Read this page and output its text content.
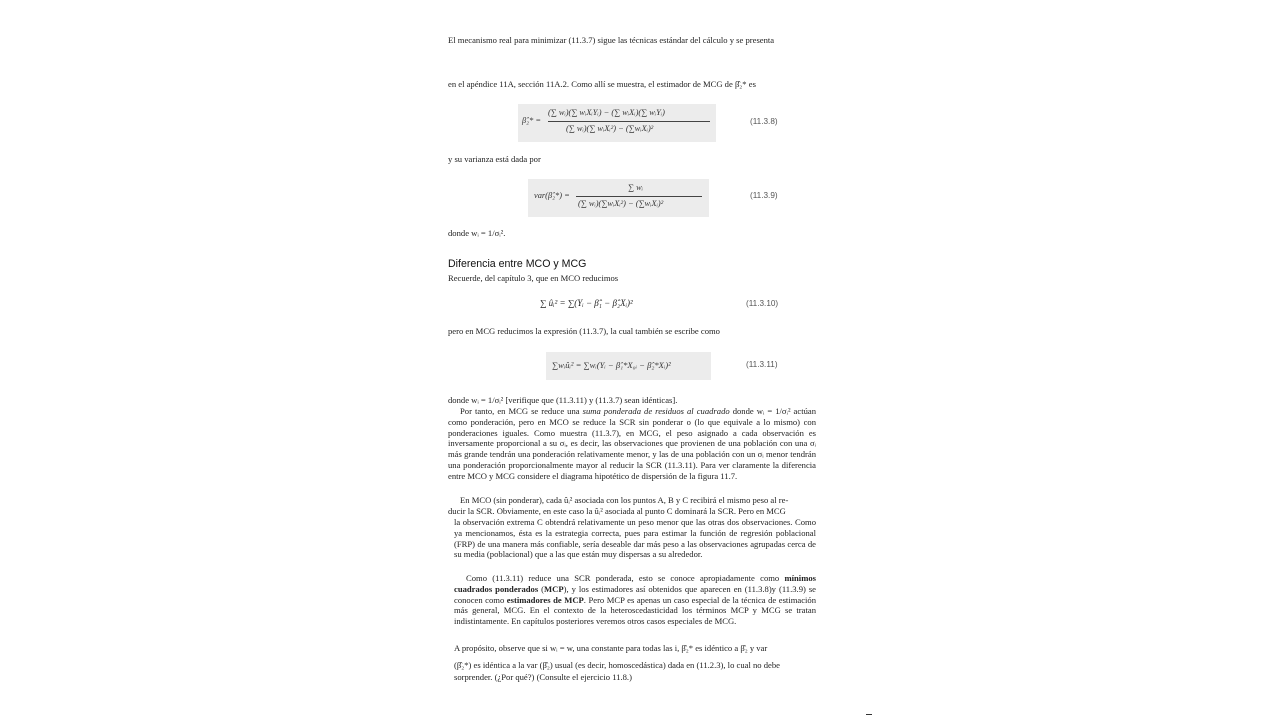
El mecanismo real para minimizar (11.3.7) sigue las técnicas estándar del cálculo y se presenta
en el apéndice 11A, sección 11A.2. Como allí se muestra, el estimador de MCG de β̂₂* es
β̂₂* =
(∑ wᵢ)(∑ wᵢXᵢYᵢ) − (∑ wᵢXᵢ)(∑ wᵢYᵢ)
(∑ wᵢ)(∑ wᵢXᵢ²) − (∑wᵢXᵢ)²
(11.3.8)
y su varianza está dada por
var(β̂₂*) =
∑ wᵢ
(∑ wᵢ)(∑wᵢXᵢ²) − (∑wᵢXᵢ)²
(11.3.9)
donde wᵢ = 1/σᵢ².
Diferencia entre MCO y MCG
Recuerde, del capítulo 3, que en MCO reducimos
∑ ûᵢ² = ∑(Yᵢ − β̂₁ − β̂₂Xᵢ)²	(11.3.10)
pero en MCG reducimos la expresión (11.3.7), la cual también se escribe como
∑wᵢûᵢ² = ∑wᵢ(Yᵢ − β̂₁*X₀ᵢ − β̂₂*Xᵢ)²	(11.3.11)
donde wᵢ = 1/σᵢ² [verifique que (11.3.11) y (11.3.7) sean idénticas].

Por tanto, en MCG se reduce una suma ponderada de residuos al cuadrado donde wᵢ = 1/σᵢ² actúan como ponderación, pero en MCO se reduce la SCR sin ponderar o (lo que equivale a lo mismo) con ponderaciones iguales. Como muestra (11.3.7), en MCG, el peso asignado a cada observación es inversamente proporcional a su σᵢ, es decir, las observaciones que provienen de una población con una σᵢ más grande tendrán una ponderación relativamente menor, y las de una población con un σᵢ menor tendrán una ponderación proporcionalmente mayor al reducir la SCR (11.3.11). Para ver claramente la diferencia entre MCO y MCG considere el diagrama hipotético de dispersión de la figura 11.7.

En MCO (sin ponderar), cada ûᵢ² asociada con los puntos A, B y C recibirá el mismo peso al re-
ducir la SCR. Obviamente, en este caso la ûᵢ² asociada al punto C dominará la SCR. Pero en MCG

la observación extrema C obtendrá relativamente un peso menor que las otras dos observaciones. Como ya mencionamos, ésta es la estrategia correcta, pues para estimar la función de regresión poblacional (FRP) de una manera más confiable, sería deseable dar más peso a las observaciones agrupadas cerca de su media (poblacional) que a las que están muy dispersas a su alrededor.

Como (11.3.11) reduce una SCR ponderada, esto se conoce apropiadamente como mínimos cuadrados ponderados (MCP), y los estimadores así obtenidos que aparecen en (11.3.8)y (11.3.9) se conocen como estimadores de MCP. Pero MCP es apenas un caso especial de la técnica de estimación más general, MCG. En el contexto de la heteroscedasticidad los términos MCP y MCG se tratan indistintamente. En capítulos posteriores veremos otros casos especiales de MCG.

A propósito, observe que si wᵢ = w, una constante para todas las i, β̂₂* es idéntico a β̂₂ y var
(β̂₂*) es idéntica a la var (β̂₂) usual (es decir, homoscedástica) dada en (11.2.3), lo cual no debe
sorprender. (¿Por qué?) (Consulte el ejercicio 11.8.)
